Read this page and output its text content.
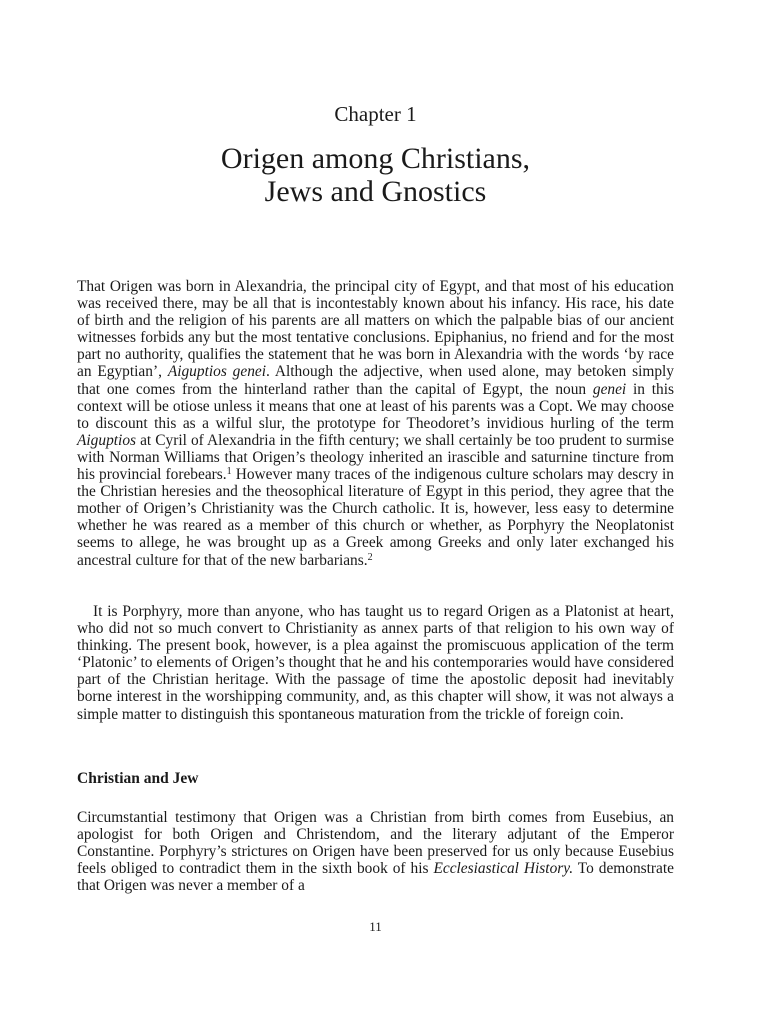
Chapter 1
Origen among Christians,
Jews and Gnostics

That Origen was born in Alexandria, the principal city of Egypt, and that most of his education was received there, may be all that is incontestably known about his infancy. His race, his date of birth and the religion of his parents are all matters on which the palpable bias of our ancient witnesses forbids any but the most tentative conclusions. Epiphanius, no friend and for the most part no authority, qualifies the statement that he was born in Alexandria with the words ‘by race an Egyptian’, Aiguptios genei. Although the adjective, when used alone, may betoken simply that one comes from the hinterland rather than the capital of Egypt, the noun genei in this context will be otiose unless it means that one at least of his parents was a Copt. We may choose to discount this as a wilful slur, the prototype for Theodoret’s invidious hurling of the term Aiguptios at Cyril of Alexandria in the fifth century; we shall certainly be too prudent to surmise with Norman Williams that Origen’s theology inherited an irascible and saturnine tincture from his provincial forebears.$^1$ However many traces of the indigenous culture scholars may descry in the Christian heresies and the theosophical literature of Egypt in this period, they agree that the mother of Origen’s Christianity was the Church catholic. It is, however, less easy to determine whether he was reared as a member of this church or whether, as Porphyry the Neoplatonist seems to allege, he was brought up as a Greek among Greeks and only later exchanged his ancestral culture for that of the new barbarians.$^2$

It is Porphyry, more than anyone, who has taught us to regard Origen as a Platonist at heart, who did not so much convert to Christianity as annex parts of that religion to his own way of thinking. The present book, however, is a plea against the promiscuous application of the term ‘Platonic’ to elements of Origen’s thought that he and his contemporaries would have considered part of the Christian heritage. With the passage of time the apostolic deposit had inevitably borne interest in the worshipping community, and, as this chapter will show, it was not always a simple matter to distinguish this spontaneous maturation from the trickle of foreign coin.

Christian and Jew

Circumstantial testimony that Origen was a Christian from birth comes from Eusebius, an apologist for both Origen and Christendom, and the literary adjutant of the Emperor Constantine. Porphyry’s strictures on Origen have been preserved for us only because Eusebius feels obliged to contradict them in the sixth book of his Ecclesiastical History. To demonstrate that Origen was never a member of a

11
